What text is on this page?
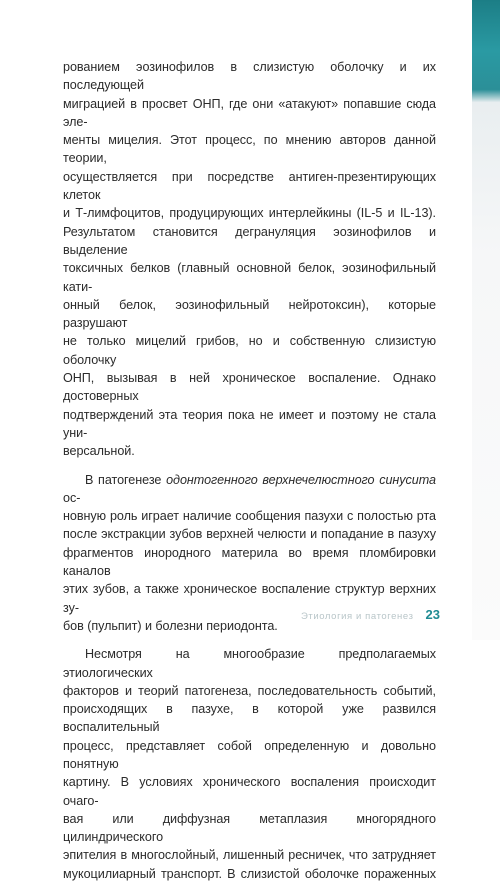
рованием эозинофилов в слизистую оболочку и их последующей
миграцией в просвет ОНП, где они «атакуют» попавшие сюда эле-
менты мицелия. Этот процесс, по мнению авторов данной теории,
осуществляется при посредстве антиген-презентирующих клеток
и Т-лимфоцитов, продуцирующих интерлейкины (IL-5 и IL-13).
Результатом становится дегрануляция эозинофилов и выделение
токсичных белков (главный основной белок, эозинофильный кати-
онный белок, эозинофильный нейротоксин), которые разрушают
не только мицелий грибов, но и собственную слизистую оболочку
ОНП, вызывая в ней хроническое воспаление. Однако достоверных
подтверждений эта теория пока не имеет и поэтому не стала уни-
версальной.

В патогенезе одонтогенного верхнечелюстного синусита ос-
новную роль играет наличие сообщения пазухи с полостью рта
после экстракции зубов верхней челюсти и попадание в пазуху
фрагментов инородного материла во время пломбировки каналов
этих зубов, а также хроническое воспаление структур верхних зу-
бов (пульпит) и болезни периодонта.

Несмотря на многообразие предполагаемых этиологических
факторов и теорий патогенеза, последовательность событий,
происходящих в пазухе, в которой уже развился воспалительный
процесс, представляет собой определенную и довольно понятную
картину. В условиях хронического воспаления происходит очаго-
вая или диффузная метаплазия многорядного цилиндрического
эпителия в многослойный, лишенный ресничек, что затрудняет
мукоцилиарный транспорт. В слизистой оболочке пораженных

Этиология и патогенез 23
